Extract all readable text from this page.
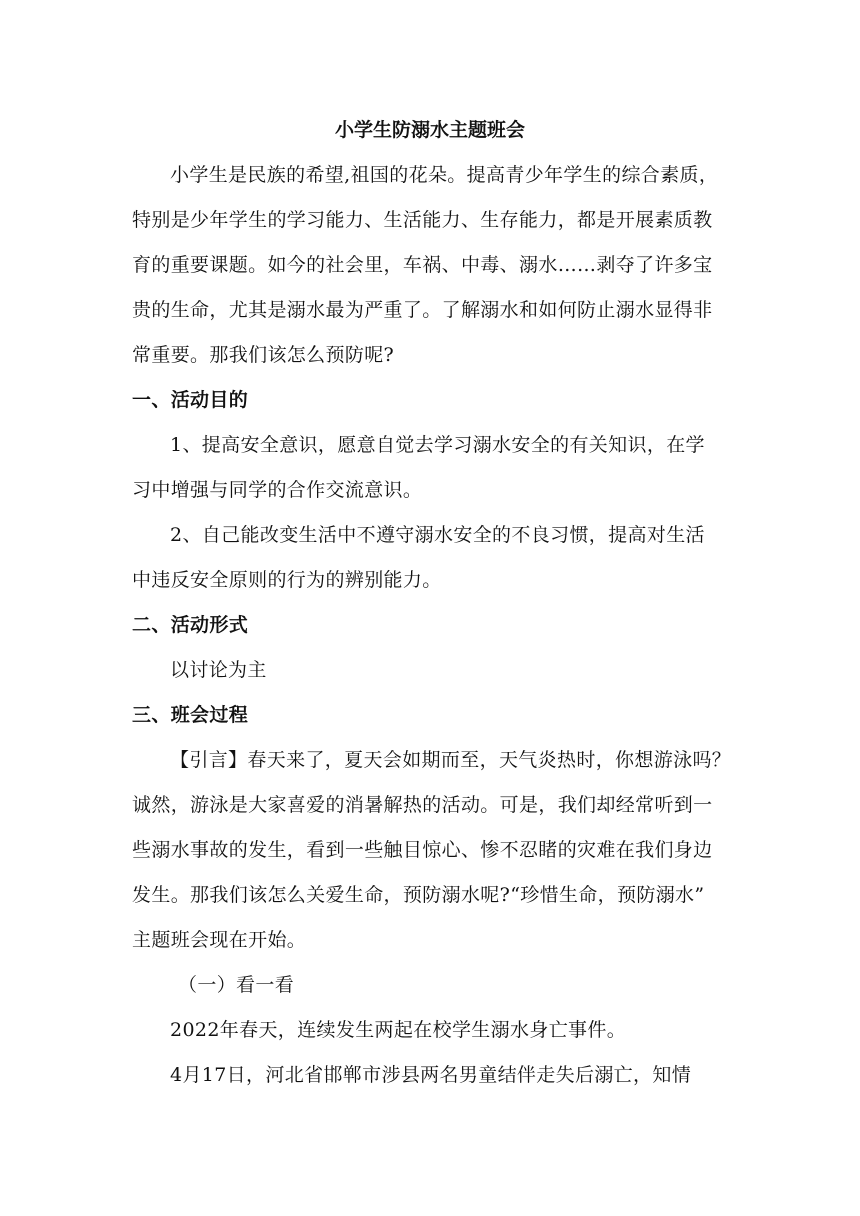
小学生防溺水主题班会
小学生是民族的希望,祖国的花朵。提高青少年学生的综合素质，
特别是少年学生的学习能力、生活能力、生存能力，都是开展素质教
育的重要课题。如今的社会里，车祸、中毒、溺水……剥夺了许多宝
贵的生命，尤其是溺水最为严重了。了解溺水和如何防止溺水显得非
常重要。那我们该怎么预防呢?
一、活动目的
1、提高安全意识，愿意自觉去学习溺水安全的有关知识，在学
习中增强与同学的合作交流意识。
2、自己能改变生活中不遵守溺水安全的不良习惯，提高对生活
中违反安全原则的行为的辨别能力。
二、活动形式
以讨论为主
三、班会过程
【引言】春天来了，夏天会如期而至，天气炎热时，你想游泳吗？
诚然，游泳是大家喜爱的消暑解热的活动。可是，我们却经常听到一
些溺水事故的发生，看到一些触目惊心、惨不忍睹的灾难在我们身边
发生。那我们该怎么关爱生命，预防溺水呢?“珍惜生命，预防溺水”
主题班会现在开始。
（一）看一看
2022年春天，连续发生两起在校学生溺水身亡事件。
4月17日，河北省邯郸市涉县两名男童结伴走失后溺亡，知情
